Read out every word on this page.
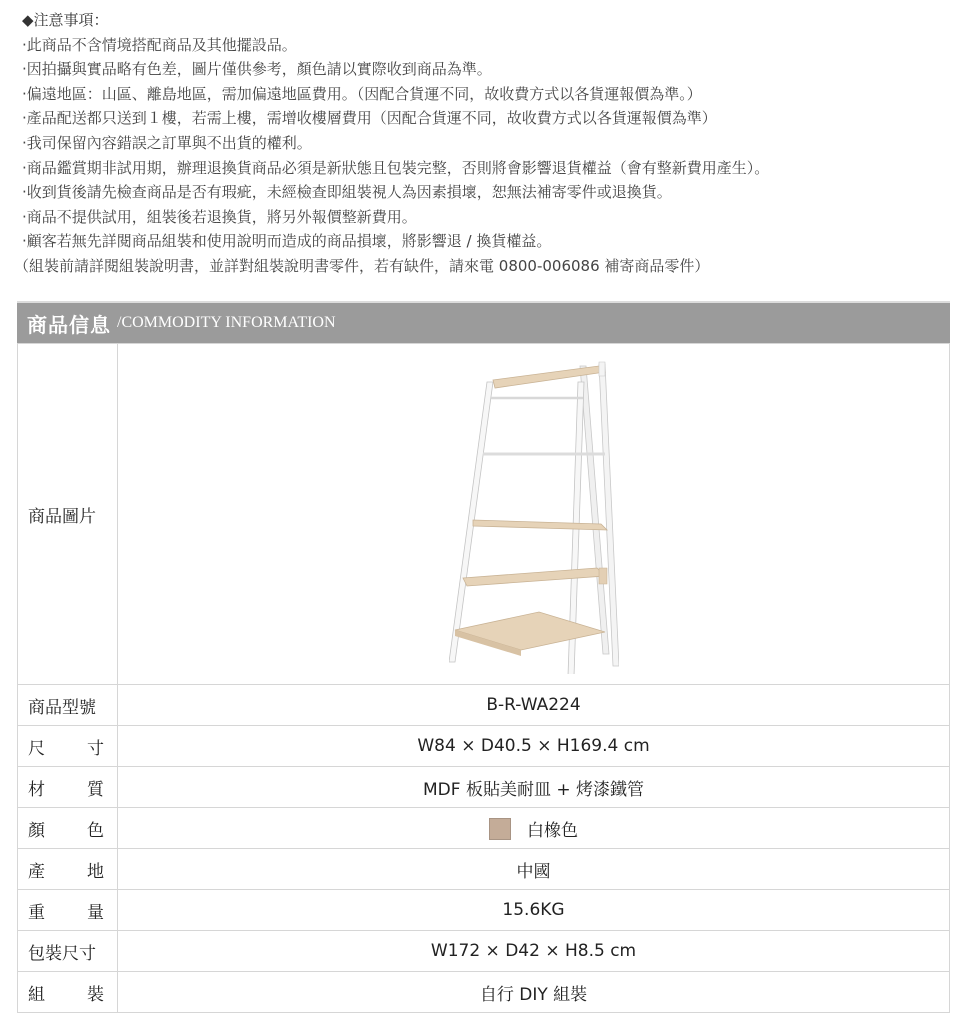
◆注意事項：
‧此商品不含情境搭配商品及其他擺設品。
‧因拍攝與實品略有色差，圖片僅供參考，顏色請以實際收到商品為準。
‧偏遠地區：山區、離島地區，需加偏遠地區費用。（因配合貨運不同，故收費方式以各貨運報價為準。）
‧產品配送都只送到１樓，若需上樓，需增收樓層費用（因配合貨運不同，故收費方式以各貨運報價為準）
‧我司保留內容錯誤之訂單與不出貨的權利。
‧商品鑑賞期非試用期，辦理退換貨商品必須是新狀態且包裝完整，否則將會影響退貨權益（會有整新費用產生）。
‧收到貨後請先檢查商品是否有瑕疵，未經檢查即組裝視人為因素損壞，恕無法補寄零件或退換貨。
‧商品不提供試用，組裝後若退換貨，將另外報價整新費用。
‧顧客若無先詳閱商品組裝和使用說明而造成的商品損壞，將影響退 / 換貨權益。
（組裝前請詳閱組裝說明書，並詳對組裝說明書零件，若有缺件，請來電 0800-006086 補寄商品零件）
商品信息 /COMMODITY INFORMATION
商品圖片	

商品型號	B-R-WA224

尺 寸	W84 × D40.5 × H169.4 cm

材 質	MDF 板貼美耐皿 + 烤漆鐵管

顏 色	白橡色

產 地	中國

重 量	15.6KG
包裝尺寸	W172 × D42 × H8.5 cm

組 裝	自行 DIY 組裝
